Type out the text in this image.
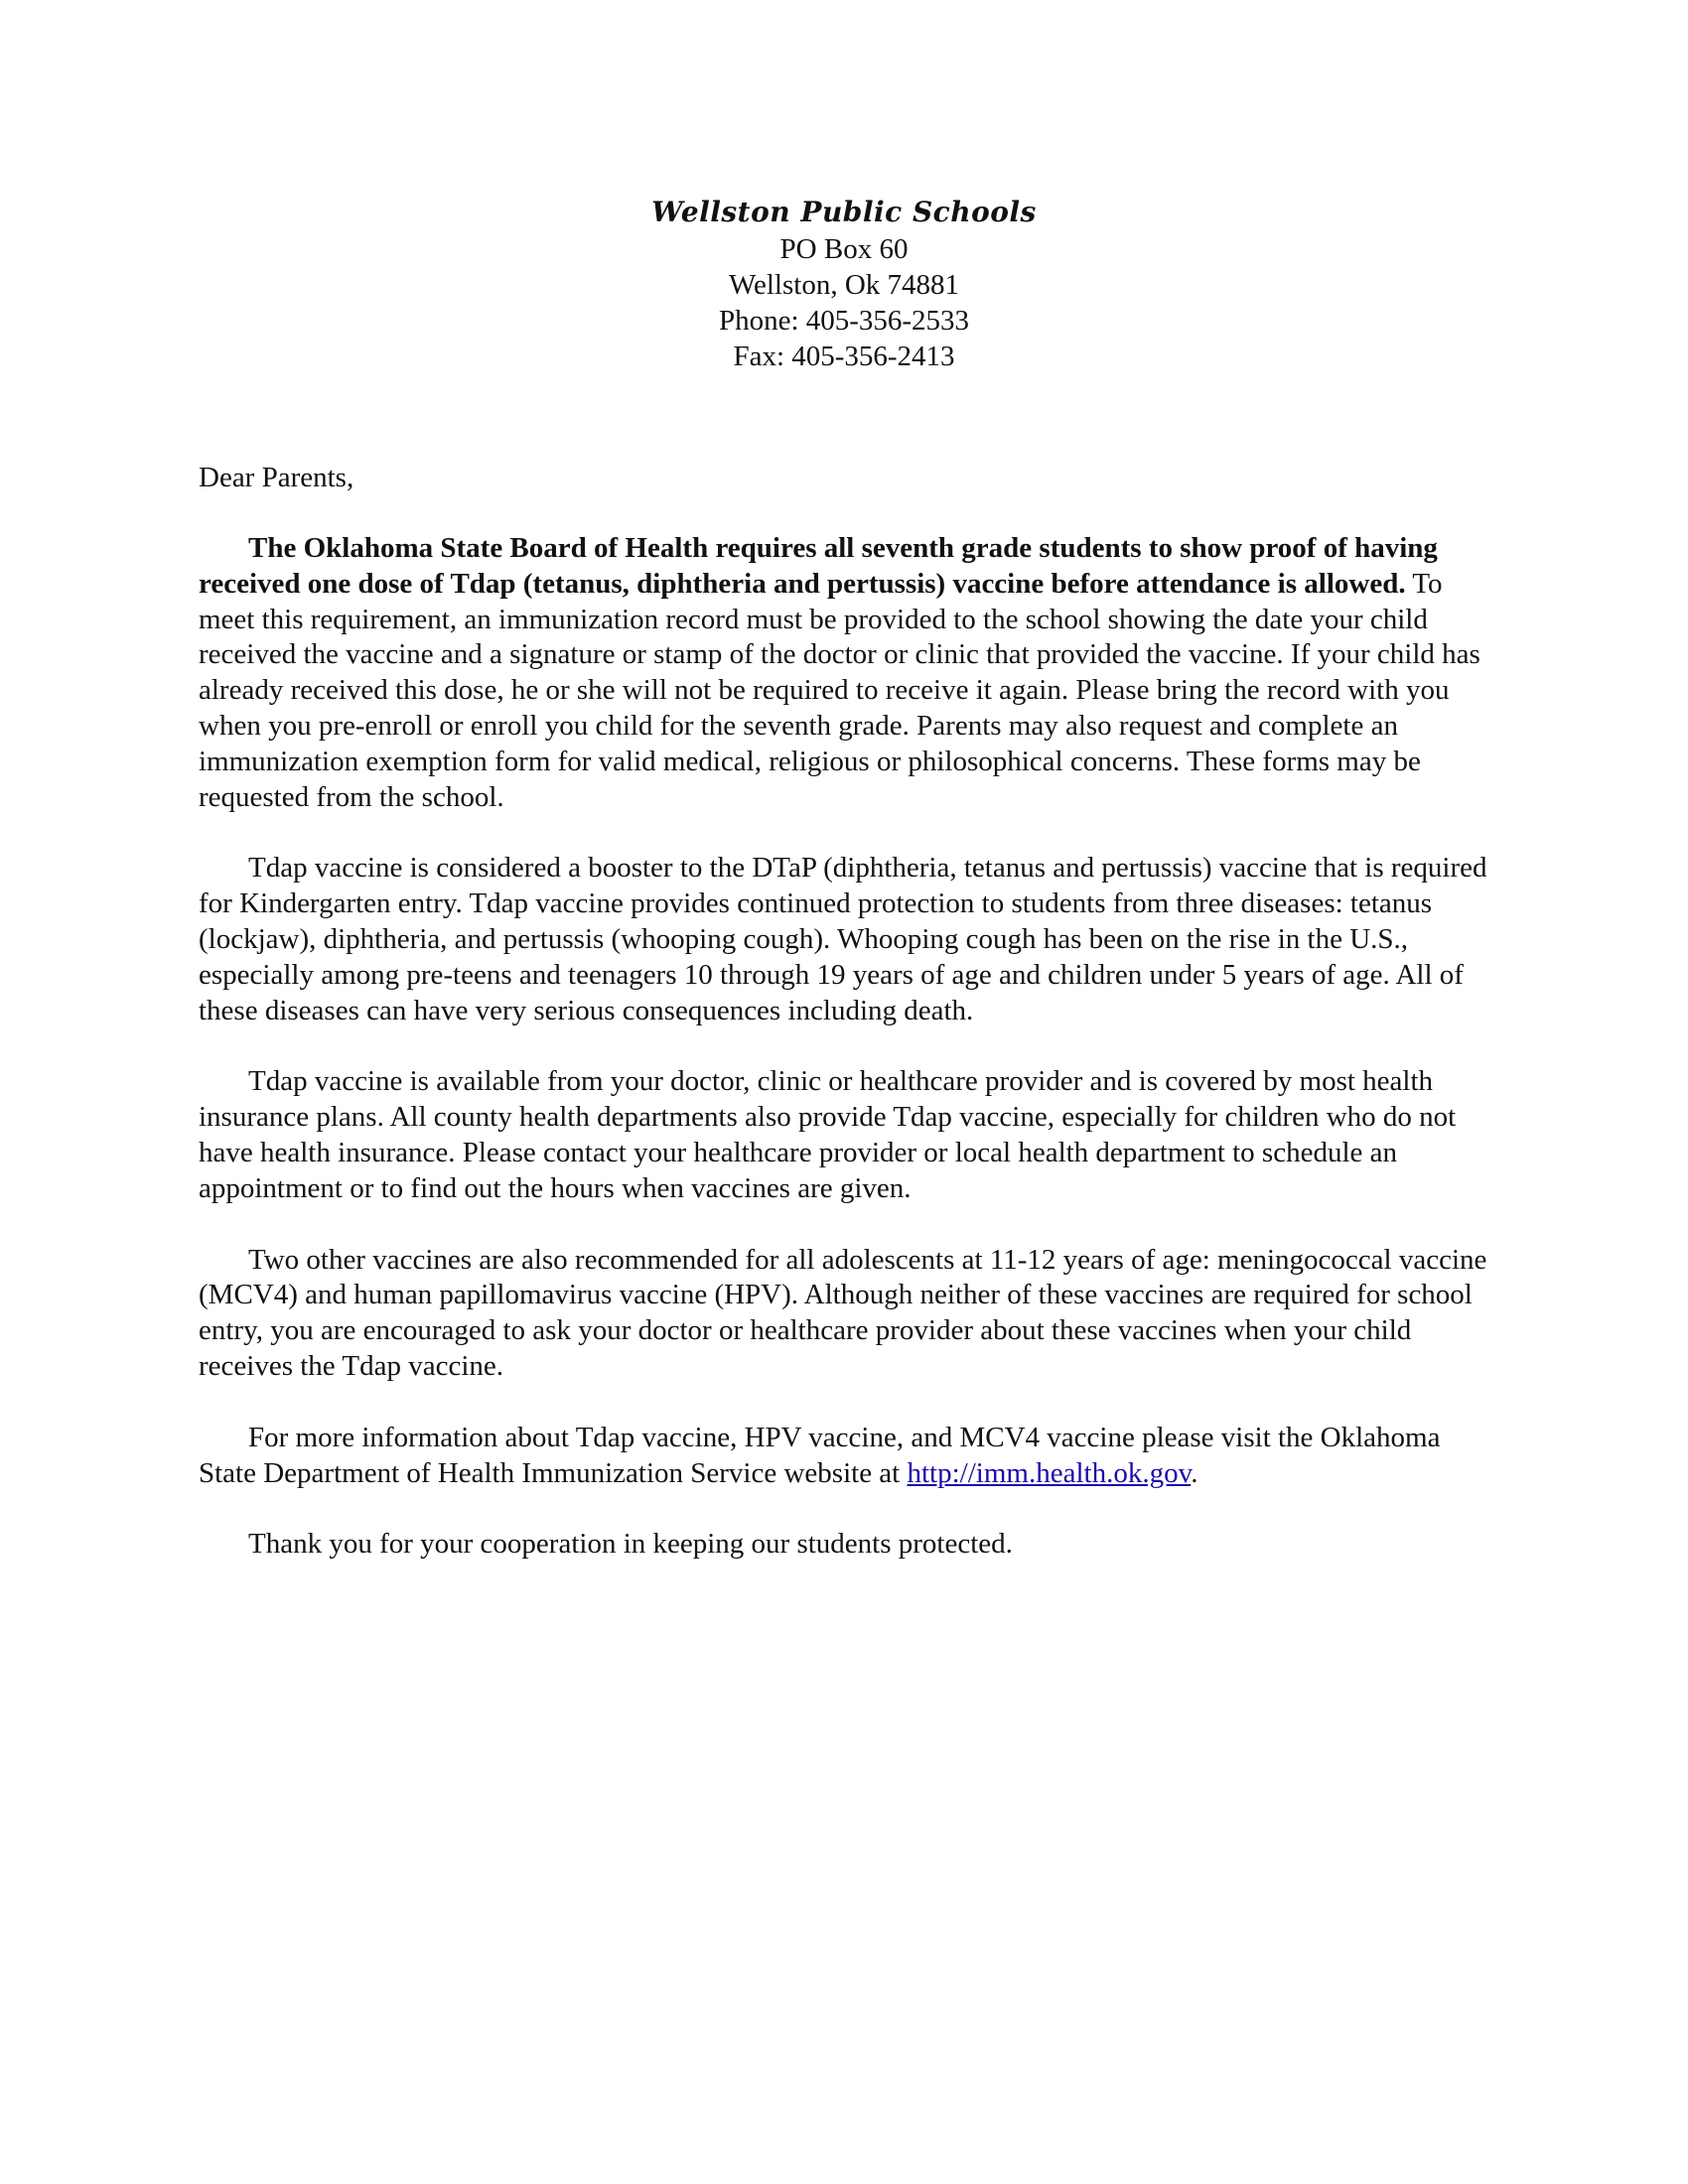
Wellston Public Schools
PO Box 60
Wellston, Ok 74881
Phone: 405-356-2533
Fax: 405-356-2413
Dear Parents,

The Oklahoma State Board of Health requires all seventh grade students to show proof of having received one dose of Tdap (tetanus, diphtheria and pertussis) vaccine before attendance is allowed. To meet this requirement, an immunization record must be provided to the school showing the date your child received the vaccine and a signature or stamp of the doctor or clinic that provided the vaccine. If your child has already received this dose, he or she will not be required to receive it again. Please bring the record with you when you pre-enroll or enroll you child for the seventh grade. Parents may also request and complete an immunization exemption form for valid medical, religious or philosophical concerns. These forms may be requested from the school.

Tdap vaccine is considered a booster to the DTaP (diphtheria, tetanus and pertussis) vaccine that is required for Kindergarten entry. Tdap vaccine provides continued protection to students from three diseases: tetanus (lockjaw), diphtheria, and pertussis (whooping cough). Whooping cough has been on the rise in the U.S., especially among pre-teens and teenagers 10 through 19 years of age and children under 5 years of age. All of these diseases can have very serious consequences including death.

Tdap vaccine is available from your doctor, clinic or healthcare provider and is covered by most health insurance plans. All county health departments also provide Tdap vaccine, especially for children who do not have health insurance. Please contact your healthcare provider or local health department to schedule an appointment or to find out the hours when vaccines are given.

Two other vaccines are also recommended for all adolescents at 11-12 years of age: meningococcal vaccine (MCV4) and human papillomavirus vaccine (HPV). Although neither of these vaccines are required for school entry, you are encouraged to ask your doctor or healthcare provider about these vaccines when your child receives the Tdap vaccine.

For more information about Tdap vaccine, HPV vaccine, and MCV4 vaccine please visit the Oklahoma State Department of Health Immunization Service website at http://imm.health.ok.gov.

Thank you for your cooperation in keeping our students protected.
